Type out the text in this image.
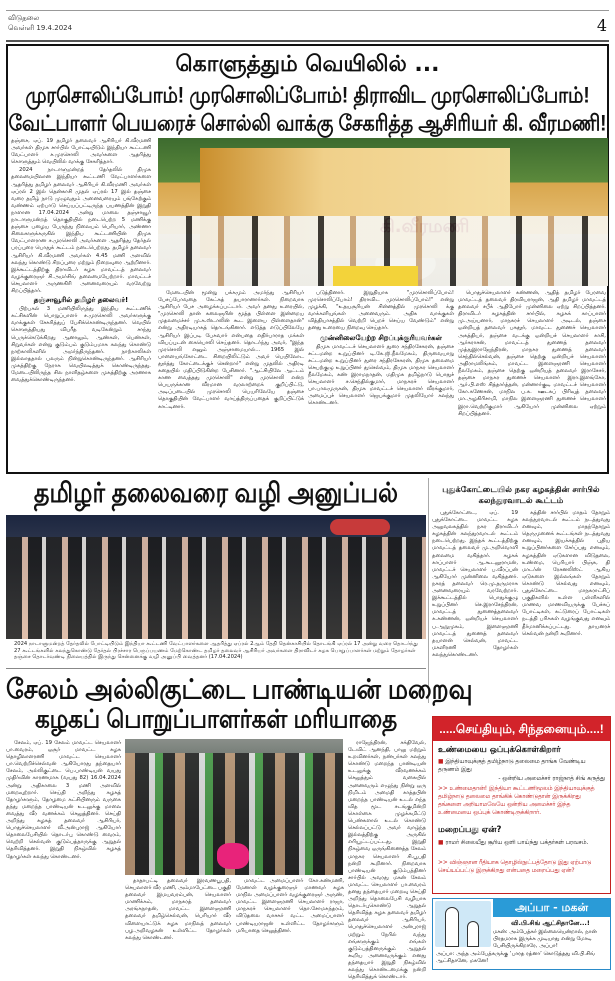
விடுதலை
வெள்ளி 19.4.2024	4
கொளுத்தும் வெயிலில் ...
முரசொலிப்போம்! முரசொலிப்போம்! திராவிட முரசொலிப்போம்!
வேட்பாளர் பெயரைச் சொல்லி வாக்கு சேகரித்த ஆசிரியர் கி. வீரமணி!

தஞ்சை, ஏப். 19 தமிழர் தலைவர் ஆசிரியர் கி.வீரமணி அவர்கள் திமுக சார்பில் போட்டியிடும் இந்தியா கூட்டணி வேட்பாளர் ச.முரசொலி அவர்களை ஆதரித்து கொளுத்தும் வெயிலில் வாக்கு சேகரித்தார்.

2024 நாடாளுமன்றத் தேர்தலில் திமுக தலைமையிலான இந்தியா கூட்டணி வேட்பாளர்களை ஆதரித்து தமிழர் தலைவர் ஆசிரியர் கி.வீரமணி அவர்கள் ஏப்ரல் 2 இல் தென்காசி முதல் ஏப்ரல் 17 இல் தஞ்சை வரை தமிழ் நாடு முழுவதும் அனைவரையும் பங்கேற்கும் வண்ணம் ஏற்பாடு செய்யப்பட்டிருந்த பயணத்தின் இறுதி நாளான 17.04.2024 அன்று மாலை தஞ்சாவூர் நாடாளுமன்றத் தொகுதியில் நடைபெற்ற 5 மணிக்கு தஞ்சை பழைய பேருந்து நிலையம் பெரியார், அண்ணா சிலைகளுக்கருகில் இந்திய கூட்டணியின் திமுக வேட்பாளரான ச.முரசொலி அவர்களை ஆதரித்து தேர்தல் பரப்புரை பொதுக் கூட்டம் நடைபெற்றது. தமிழர் தலைவர் ஆசிரியர் கி.வீரமணி அவர்கள் 4.45 மணி அளவில் கலந்து கொண்டு சிறப்புரை மற்றும் நிறைவுரை ஆற்றினார். இக்கூட்டத்திற்கு திராவிடர் கழக மாவட்டத் தலைவர் வழக்குரைஞர் சி.அமர்சிங் தலைமையேற்றார். மாவட்டச் செயலாளர் அருணகிரி அனைவரையும் வரவேற்று சிறப்பித்தார்.

தஞ்சாவூரில் தமிழர் தலைவர்!

பிற்பகல் 3 மணியிலிருந்து இந்திய கூட்டணிக் கட்சிகளின் பொறுப்பாளர் ச.முரசொலி அவர்களுக்கு வாக்குகள் சேகரித்துப் பேசிக்கொண்டிருந்தனர். வெயில் கொளுத்தியது விபரீத வடிகேன்றும் சாந்து பெருக்கெடுக்கிறது ஆனாலும், ஆண்கள், பெண்கள், சிறுவர்கள் என்று குடும்பம் குடும்பமாக கலந்து கொண்டு நாற்காலிகளில் அமர்ந்திருந்தனர். நாற்காலிகள் இல்லாததால் பலரும் நின்றுகொண்டிருந்தனர். ஆசிரியர் முகத்திற்கு நேராக வெயிலடித்துக் கொண்டிருந்தது. மேடையிலிருந்த சில நாளிதழ்களை முகத்திற்கு அரணாக வைத்துக்கொண்டிருந்தனர்.

மேடையின் மூன்று பக்கமும் அமர்ந்து ஆசிரியர் பேசப்போவதை கேட்கத் தயாரானார்கள். நிறைவாக ஆசிரியர் பேச அழைக்கப்பட்டார். அவர் தனது உரையில், "முரசொலி தான் கலைஞரின் மூத்த பிள்ளை இன்றைய முதலமைச்சர் மு.க.ஸ்டாலின் கூட இளைய பிள்ளைதான்" என்று அதிரடியாகத் தொடங்கினார். எடுத்த எடுப்பிலேயே ஆசிரியர் இப்படி பேசுவார் என்பதை எதிர்பாராத மக்கள் வியப்புடன் கையொலி செய்தனர். தொடர்ந்து அவர், "இந்த முரசொலி எனும் அஞ்சாமையால்... 1965 இல் பாளையங்கோட்டை சிறையிலிட்டும் அவர் பெயிலோட தூர்த்து கோட்டைக்குச் சென்றார்" என்று முதலில் அதிரடி கதையில் மதிப்பிடுகின்ற பேசினார். "ஆட்சியிலே ஆட்டம் காண வைத்தது முரசொலி" என்று முரசொலி என்ற பெயருக்கான வீரமான வரலாற்றைக் குறிப்பிட்டு, அடிப்படையில் முரசொலி பெயரிலேயே தஞ்சை தொகுதியின் வேட்பாளர் வாய்த்திருப்பதைக் குறிப்பிட்டுக் காட்டினார்.

படுத்தினார். இறுதியாக "முரசொலிப்போம்! முரசொலிப்போம்! திராவிட முரசொலிப்போம்!" என்று முழக்கி, "உதயசூரியன் சின்னத்தில் முரசொலி க்கு வாக்களியுங்கள் அனைவரும். அதிக வாக்குகள் வித்தியாசத்தில் வெற்றி பெறச் செய்ய வேண்டும்" என்று தனது உரையை நிறைவு செய்தார்.

முன்னிலையேற்ற சிறப்புக்குரியவர்கள்

திமுக மாவட்டச் செயலாளர் துரை சந்திரசேகரன், தஞ்சை சட்டமன்ற உறுப்பினர் டி.கே.ஜி.நீலமேகம், திருவையாறு சட்டமன்ற உறுப்பினர் துரை சந்திரசேகரன், திமுக தலைமை செயற்குழு உறுப்பினர் துசெல்வம், திமுக மாநகர செயலாளர் நீலமேகம், கண் இராமநாதன், மதிமுக தமிழ்நாடு பொதுச் செயலாளர் ச.செந்தில்குமார், மாநகரச் செயலாளர் பா.பாலமுருகன், திமுக மாவட்டச் செயலாளர் வீரக்குமார், அமைப்புச் செயலாளர் ஜெயக்குமார் முதலியோர் கலந்து கொண்டனர்.

பொதுச்செயலாளர் கண்ணன், ஆதித் தமிழர் பேரவை மாவட்டத் தலைவர் திரவியராஜன், ஆதி தமிழர் மாவட்டத் தலைவர் சபீக் ஆதிபோர் முன்னிலை ஏற்று சிறப்பித்தனர். திராவிடர் கழகத்தின் சார்பில், கழகக் காப்பாளர் மு.அய்யனார், மாநகரச் செயலாளர் அடிடல், தஞ்சை ஒன்றியத் தலைவர் பகதூர், மாவட்ட துணைச் செயலாளர் அகத்தியர், தஞ்சை வடக்கு ஒன்றியச் செயலாளர் காசி, ஆர்கராசன், மாவட்டத் துணைத் தலைவர் முத்துஇராஜேந்திரன், மாநகர துணைத் தலைவர் செந்தில்செல்வன், தஞ்சை தெற்கு ஒன்றியச் செயலாளர் அதிராமலிங்கம், மாவட்ட இளைஞரணி செயலாளர் நீலமேகம், தஞ்சை தெற்கு ஒன்றியத் தலைவர் இராசேசர், தஞ்சை மாநகர துணைச் செயலாளர் இரா.இளங்கோ, ஆர்.பி.எஸ் சித்தார்த்தன், மன்னார்குடி மாவட்டச் செயலாளர் கோ.கணேசன், மாநில ப.க. ஊடகப் பிரிவுத் தலைவர் மா.அழகிரிசாமி, மாநில இளைஞரணி துணைச் செயலாளர் இரா.வெற்றிகுமார் ஆகியோர் முன்னிலை ஏற்றும் சிறப்பித்தனர்.

தமிழர் தலைவரை வழி அனுப்பல்
2024 நாடாளுமன்றத் தேர்தலில் போட்டியிடும் இந்தியா கூட்டணி வேட்பாளர்களை ஆதரித்து ஏப்ரல் 2ஆம் தேதி தென்காசியில் தொடங்கி ஏப்ரல் 17 அன்று வரை தொடர்ந்து 27 கூட்டங்களில் கலந்துகொண்டு தேர்தல் பிரச்சார பெருப்பயணம் மேற்கொண்ட தமிழர் தலைவர் ஆசிரியர் அவர்களை திராவிடர் கழக பொறுப்பாளர்கள் மற்றும் தோழர்கள் தஞ்சை தொடர்வண்டி நிலையத்தில் இருந்து சென்னைக்கு வழி அனுப்பி வைத்தனர் (17.04.2024)
புதுக்கோட்டையில் நகர கழகத்தின் சார்பில் கலந்துரவாடல் கூட்டம்

புதுக்கோட்டை, ஏப். 19 புதுக்கோட்டை மாவட்ட கழக அலுவலகத்தில் நகர திராவிடர் கழகத்தின் கலந்துரவாடல் கூட்டம் நடைபெற்றது. இந்தக் கூட்டத்திற்கு மாவட்டத் தலைவர் மு.அறிவொளி தலைமை வகித்தார். கழகக் காப்பாளர் ஆ.கூடலூராமன், மாவட்டச் செயலாளர் ப.வீரப்பன் ஆகியோர் முன்னிலை வகித்தனர். நகரத் தலைவர் ரெ.மு.தருமராசு அனைவரையும் வரவேற்றார். இக்கூட்டத்தில் பொதுக்குழு உறுப்பினர் செ.இராசேந்திரன், மாவட்டத் துணைத்தலைவர் க.கண்ணன், ஒன்றியச் செயலாளர் ப.ஆறுமுகம், இளைஞரணி மாவட்டத் துணைத் தலைவர் தயாளன் செல்வன், மாவட்ட மகளிரணி தோழர்கள் கலந்துகொண்டனர்.

கத்தின் சார்பில் மாதம் தோறும் கலந்துரவாடல் கூட்டம் நடத்துவது எனவும், மாதந்தோறும் தெருமுனைக் கூட்டங்கள் நடத்துவது எனவும், இயக்கத்தில் புதிய உறுப்பினர்களை சேர்ப்பது எனவும், கழகத்தின் ஏடுகளான விடுதலை, உண்மை, பெரியார் பிஞ்சு, தி மாடர்ன் ரேசனலிஸ்ட் ஆகிய ஏடுகளை இல்லங்கள் தோறும் கொண்டு செல்வது எனவும், புதுக்கோட்டை மாநகராட்சிப் பகுதிகளில் உள்ள பள்ளிகளில் மாணவ மாணவியருக்கு பேச்சுப் போட்டிகள், கட்டுரைப் போட்டிகள் நடத்தி பரிசுகள் வழங்குவது எனவும் தீர்மானிக்கப்பட்டது. தாயனரச் செல்வன் நன்றி கூறினார்.

சேலம் அல்லிகுட்டை பாண்டியன் மறைவு
கழகப் பொறுப்பாளர்கள் மரியாதை

சேலம், ஏப். 19 சேலம் மாவட்ட செயலாளர் பா.வைரம், ஒசூர் மாவட்ட கழக தொழிலாளரணி மாவட்ட செயலாளர் பா.வெற்றிச்செல்வன் ஆகியோரது தந்தையார் சேலம், அல்லிகுட்டை பெ.பாண்டியன் வயது முதிர்வின் காரணமாக (வயது 82) 16.04.2024 அன்று அதிகாலை 3 மணி அளவில் மறைவுற்றார். செய்தி அறிந்து கழகத் தோழர்களும், தோழமை கட்சியினரும் வருகை தந்து மறைந்த பாண்டியன் உடலுக்கு மாலை வைத்து வீர வணக்கம் செலுத்தினர். செய்தி அறிந்து கழகத் தலைவர் ஆசிரியர், பொதுச்செயலாளர் வீ.அன்புராஜ் ஆகியோர் தொலைபேசியில் தொடர்பு கொண்டு வைரம், வெற்றி செல்வன் குடும்பத்தாருக்கு ஆறுதல் தெரிவித்தனர். இறுதி நிகழ்வில் கழகத் தோழர்கள் கலந்து கொண்டனர்.

தாதாபட்டி தலைவர் இரவணபூபதி, செயலாளர் வீர மணி, அம்மாபேட்டை பகுதி தலைவர் இமயவரம்பன், செயலாளர் மாணிக்கம், மாநகரத் தலைவர் அரங்கநாதன், மாவட்ட இளைஞரணி தலைவர் தமிழ்செல்வன், பெரியார் வீர விளையாட்டுக் கழக மாநிலத் தலைவர் பழ.அறிவழகன் உள்ளிட்ட தோழர்கள் கலந்து கொண்டனர்.

மாவட்ட அமைப்பாளர் கோ.கண்மணி, மேனாள் வழக்குரைஞர் மாணவர் கழக மாநில அமைப்பாளர் வழக்குரைஞர் அருண், மாவட்ட இளைஞரணி செயலாளர் ராஜா, மாநகரச் செயலாளர் தொ.சோமசுந்தரம், விடுதலை வாசகர் வட்ட அமைப்பாளர் பாண்டியராஜன் உள்ளிட்ட தோழர்களும் மரியாதை செலுத்தினர்.

ராஜேந்திரன், சக்திவேல், டேவிட் ஆனந்தி, பாலு மற்றும் உறவினர்கள், நண்பர்கள் கலந்து கொண்டு மறைந்த பாண்டியன் உடலுக்கு வீரவணக்கம் செலுத்தும் வகையில் அனைவரும் எழுந்து நின்று ஒரு நிமிடம் அமைதி காத்தபின் மறைந்த பாண்டியன் உடல் எந்த வித மூட சடங்குமின்றி கொள்கை முழக்கமிட்டு பெண்களால் உடல் கொண்டு செல்லப்பட்டு அவர் வாழ்ந்த இல்லத்திற்கு அருகில் எரியூட்டப்பட்டது. இறுதி நிகழ்வை ஒருங்கிணைத்த சேலம் மாநகர செயலாளர் சி.பூபதி நன்றி கூறினார். நிறைவாக பாண்டியன் குடும்பத்தினர் சார்பில் அவரது மகன் சேலம் மாவட்ட செயலாளர் பா.வைரம் தனது தந்தையார் மறைவு செய்தி அறிந்து தொலைபேசி வழியாக தொடர்புகொண்டு ஆறுதல் தெரிவித்த கழக தலைவர் தமிழர் தலைவர் ஆசிரியர், பொதுச்செயலாளர் அன்புராஜ் மற்றும் நேரில் வந்து எங்களுக்கும் எங்கள் குடும்பத்தினருக்கும் ஆறுதல் கூறிய அனைவருக்கும் எனது தந்தையார் இறுதி நிகழ்வில் கலந்து கொண்டமைக்கு நன்றி தெரிவித்துக் கொண்டார்.

.....செய்தியும், சிந்தனையும்....!
உண்மையை ஒப்புக்கொள்கிறார்
■ இந்தியாவுக்குத் தமிழ்நாடு தலைமை தாங்க வேண்டிய தருணம் இது
- ஒன்றிய அமைச்சர் ராஜ்நாத் சிங் கருத்து
>> உண்மைதான்! இந்தியா கூட்டணிமூலம் இந்தியாவுக்குத் தமிழ்நாடு தலைமை தாங்கிக் கொண்டுதான் இருக்கிறது தங்களை அறியாமலேயே ஒன்றிய அமைச்சர் இந்த உண்மையை ஒப்புக் கொண்டிருக்கிறார்.
மறைப்பது ஏன்?
■ ராமர் சிலையீது சூரிய ஒளி பாய்ந்து பக்தர்கள் பரவசம்.
>> விஞ்ஞான ரீதியாக தொழில்நுட்பத்தோடு இது ஏற்பாடு செய்யப்பட்டு இருக்கிறது என்பதை மறைப்பது ஏன்?
அப்பா - மகன்
வி.பி.சிங் ஆட்சிதானே...!
மகன்: அம்பேத்கர் இல்லையென்றால், நான் பிரதமராக இருக்க முடியாது என்று மோடி பேசியிருக்கிறாரே, அப்பா!
அப்பா: அந்த அம்பேத்கருக்கு ‘பாரத ரத்னா’ கொடுத்தது வி.பி.சிங் ஆட்சிதானே, மகனே!
